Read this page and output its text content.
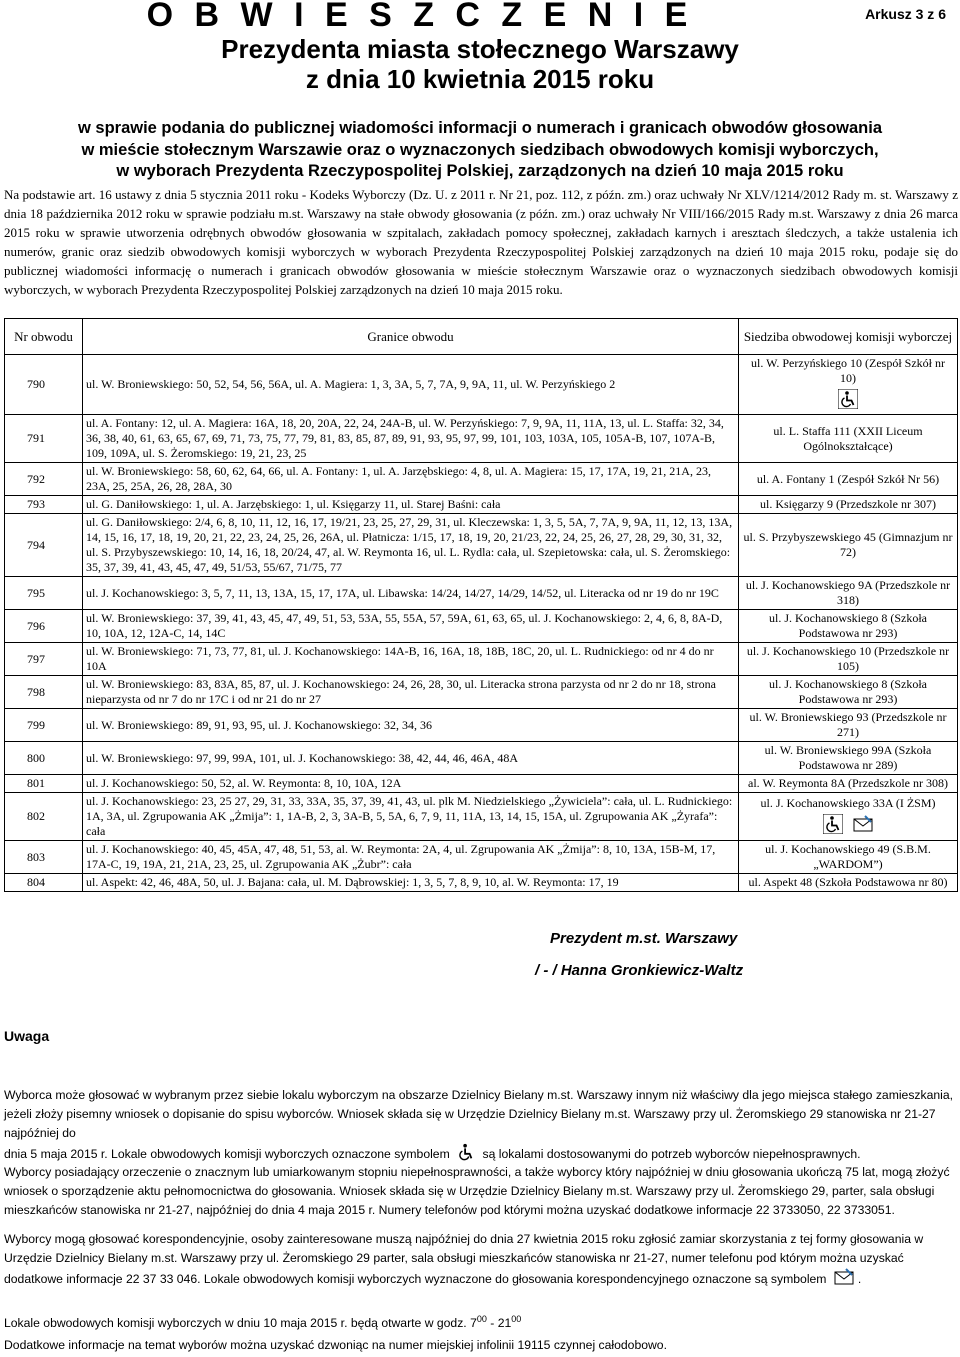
Arkusz 3 z 6
O B W I E S Z C Z E N I E
Prezydenta miasta stołecznego Warszawy
z dnia 10 kwietnia 2015 roku
w sprawie podania do publicznej wiadomości informacji o numerach i granicach obwodów głosowania
w mieście stołecznym Warszawie oraz o wyznaczonych siedzibach obwodowych komisji wyborczych,
w wyborach Prezydenta Rzeczypospolitej Polskiej, zarządzonych na dzień 10 maja 2015 roku
Na podstawie art. 16 ustawy z dnia 5 stycznia 2011 roku - Kodeks Wyborczy (Dz. U. z 2011 r. Nr 21, poz. 112, z późn. zm.) oraz uchwały Nr XLV/1214/2012 Rady m. st. Warszawy z dnia 18 października 2012 roku w sprawie podziału m.st. Warszawy na stałe obwody głosowania (z późn. zm.) oraz uchwały Nr VIII/166/2015 Rady m.st. Warszawy z dnia 26 marca 2015 roku w sprawie utworzenia odrębnych obwodów głosowania w szpitalach, zakładach pomocy społecznej, zakładach karnych i aresztach śledczych, a także ustalenia ich numerów, granic oraz siedzib obwodowych komisji wyborczych w wyborach Prezydenta Rzeczypospolitej Polskiej zarządzonych na dzień 10 maja 2015 roku, podaje się do publicznej wiadomości informację o numerach i granicach obwodów głosowania w mieście stołecznym Warszawie oraz o wyznaczonych siedzibach obwodowych komisji wyborczych, w wyborach Prezydenta Rzeczypospolitej Polskiej zarządzonych na dzień 10 maja 2015 roku.
Nr obwodu	Granice obwodu	Siedziba obwodowej komisji wyborczej
790	ul. W. Broniewskiego: 50, 52, 54, 56, 56A, ul. A. Magiera: 1, 3, 3A, 5, 7, 7A, 9, 9A, 11, ul. W. Perzyńskiego 2	ul. W. Perzyńskiego 10 (Zespół Szkół nr 10)

791	ul. A. Fontany: 12, ul. A. Magiera: 16A, 18, 20, 20A, 22, 24, 24A-B, ul. W. Perzyńskiego: 7, 9, 9A, 11, 11A, 13, ul. L. Staffa: 32, 34, 36, 38, 40, 61, 63, 65, 67, 69, 71, 73, 75, 77, 79, 81, 83, 85, 87, 89, 91, 93, 95, 97, 99, 101, 103, 103A, 105, 105A-B, 107, 107A-B, 109, 109A, ul. S. Żeromskiego: 19, 21, 23, 25	ul. L. Staffa 111 (XXII Liceum Ogólnokształcące)

792	ul. W. Broniewskiego: 58, 60, 62, 64, 66, ul. A. Fontany: 1, ul. A. Jarzębskiego: 4, 8, ul. A. Magiera: 15, 17, 17A, 19, 21, 21A, 23, 23A, 25, 25A, 26, 28, 28A, 30	ul. A. Fontany 1 (Zespół Szkół Nr 56)

793	ul. G. Daniłowskiego: 1, ul. A. Jarzębskiego: 1, ul. Księgarzy 11, ul. Starej Baśni: cała	ul. Księgarzy 9 (Przedszkole nr 307)

794	ul. G. Daniłowskiego: 2/4, 6, 8, 10, 11, 12, 16, 17, 19/21, 23, 25, 27, 29, 31, ul. Kleczewska: 1, 3, 5, 5A, 7, 7A, 9, 9A, 11, 12, 13, 13A, 14, 15, 16, 17, 18, 19, 20, 21, 22, 23, 24, 25, 26, 26A, ul. Płatnicza: 1/15, 17, 18, 19, 20, 21/23, 22, 24, 25, 26, 27, 28, 29, 30, 31, 32, ul. S. Przybyszewskiego: 10, 14, 16, 18, 20/24, 47, al. W. Reymonta 16, ul. L. Rydla: cała, ul. Szepietowska: cała, ul. S. Żeromskiego: 35, 37, 39, 41, 43, 45, 47, 49, 51/53, 55/67, 71/75, 77	ul. S. Przybyszewskiego 45 (Gimnazjum nr 72)

795	ul. J. Kochanowskiego: 3, 5, 7, 11, 13, 13A, 15, 17, 17A, ul. Libawska: 14/24, 14/27, 14/29, 14/52, ul. Literacka od nr 19 do nr 19C	ul. J. Kochanowskiego 9A (Przedszkole nr 318)

796	ul. W. Broniewskiego: 37, 39, 41, 43, 45, 47, 49, 51, 53, 53A, 55, 55A, 57, 59A, 61, 63, 65, ul. J. Kochanowskiego: 2, 4, 6, 8, 8A-D, 10, 10A, 12, 12A-C, 14, 14C	ul. J. Kochanowskiego 8 (Szkoła Podstawowa nr 293)

797	ul. W. Broniewskiego: 71, 73, 77, 81, ul. J. Kochanowskiego: 14A-B, 16, 16A, 18, 18B, 18C, 20, ul. L. Rudnickiego: od nr 4 do nr 10A	ul. J. Kochanowskiego 10 (Przedszkole nr 105)

798	ul. W. Broniewskiego: 83, 83A, 85, 87, ul. J. Kochanowskiego: 24, 26, 28, 30, ul. Literacka strona parzysta od nr 2 do nr 18, strona nieparzysta od nr 7 do nr 17C i od nr 21 do nr 27	ul. J. Kochanowskiego 8 (Szkoła Podstawowa nr 293)

799	ul. W. Broniewskiego: 89, 91, 93, 95, ul. J. Kochanowskiego: 32, 34, 36	ul. W. Broniewskiego 93 (Przedszkole nr 271)

800	ul. W. Broniewskiego: 97, 99, 99A, 101, ul. J. Kochanowskiego: 38, 42, 44, 46, 46A, 48A	ul. W. Broniewskiego 99A (Szkoła Podstawowa nr 289)

801	ul. J. Kochanowskiego: 50, 52, al. W. Reymonta: 8, 10, 10A, 12A	al. W. Reymonta 8A (Przedszkole nr 308)

802	ul. J. Kochanowskiego: 23, 25 27, 29, 31, 33, 33A, 35, 37, 39, 41, 43, ul. plk M. Niedzielskiego „Żywiciela”: cała, ul. L. Rudnickiego: 1A, 3A, ul. Zgrupowania AK „Żmija”: 1, 1A-B, 2, 3, 3A-B, 5, 5A, 6, 7, 9, 11, 11A, 13, 14, 15, 15A, ul. Zgrupowania AK „Żyrafa”: cała	ul. J. Kochanowskiego 33A (I ŻSM)

803	ul. J. Kochanowskiego: 40, 45, 45A, 47, 48, 51, 53, al. W. Reymonta: 2A, 4, ul. Zgrupowania AK „Żmija”: 8, 10, 13A, 15B-M, 17, 17A-C, 19, 19A, 21, 21A, 23, 25, ul. Zgrupowania AK „Żubr”: cała	ul. J. Kochanowskiego 49 (S.B.M. „WARDOM”)

804	ul. Aspekt: 42, 46, 48A, 50, ul. J. Bajana: cała, ul. M. Dąbrowskiej: 1, 3, 5, 7, 8, 9, 10, al. W. Reymonta: 17, 19	ul. Aspekt 48 (Szkoła Podstawowa nr 80)
Prezydent m.st. Warszawy
/ - / Hanna Gronkiewicz-Waltz
Uwaga
Wyborca może głosować w wybranym przez siebie lokalu wyborczym na obszarze Dzielnicy Bielany m.st. Warszawy innym niż właściwy dla jego miejsca stałego zamieszkania, jeżeli złoży pisemny wniosek o dopisanie do spisu wyborców. Wniosek składa się w Urzędzie Dzielnicy Bielany m.st. Warszawy przy ul. Żeromskiego 29 stanowiska nr 21-27 najpóźniej do
dnia 5 maja 2015 r. Lokale obwodowych komisji wyborczych oznaczone symbolem	są lokalami dostosowanymi do potrzeb wyborców niepełnosprawnych.
Wyborcy posiadający orzeczenie o znacznym lub umiarkowanym stopniu niepełnosprawności, a także wyborcy który najpóźniej w dniu głosowania ukończą 75 lat, mogą złożyć wniosek o sporządzenie aktu pełnomocnictwa do głosowania. Wniosek składa się w Urzędzie Dzielnicy Bielany m.st. Warszawy przy ul. Żeromskiego 29, parter, sala obsługi mieszkańców stanowiska nr 21-27, najpóźniej do dnia 4 maja 2015 r. Numery telefonów pod którymi można uzyskać dodatkowe informacje 22 3733050, 22 3733051.
Wyborcy mogą głosować korespondencyjnie, osoby zainteresowane muszą najpóźniej do dnia 27 kwietnia 2015 roku zgłosić zamiar skorzystania z tej formy głosowania w Urzędzie Dzielnicy Bielany m.st. Warszawy przy ul. Żeromskiego 29 parter, sala obsługi mieszkańców stanowiska nr 21-27, numer telefonu pod którym można uzyskać dodatkowe informacje 22 37 33 046. Lokale obwodowych komisji wyborczych wyznaczone do głosowania korespondencyjnego oznaczone są symbolem	.
Lokale obwodowych komisji wyborczych w dniu 10 maja 2015 r. będą otwarte w godz. $7^{00} - 21^{00}$
Dodatkowe informacje na temat wyborów można uzyskać dzwoniąc na numer miejskiej infolinii 19115 czynnej całodobowo.
